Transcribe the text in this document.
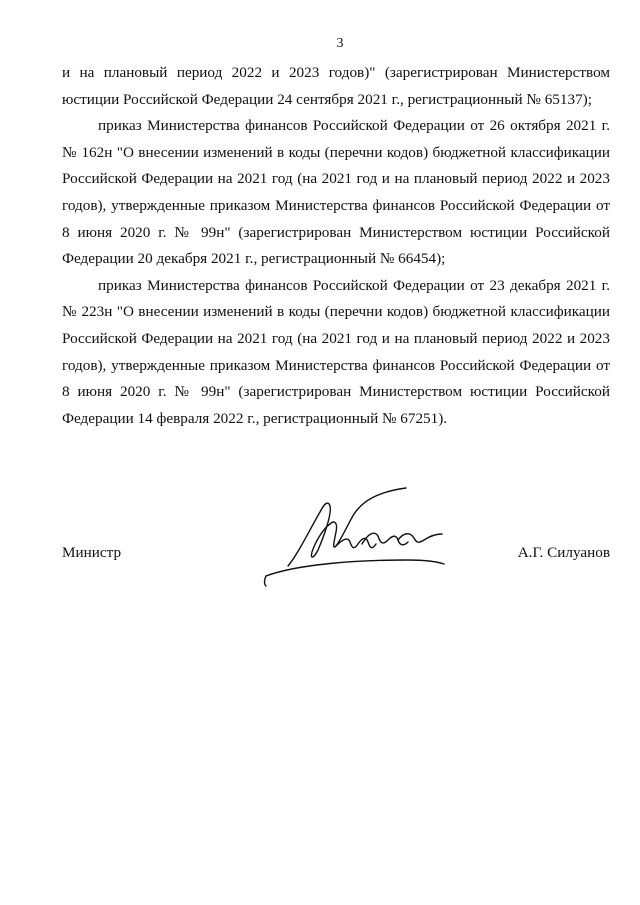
3

и на плановый период 2022 и 2023 годов)" (зарегистрирован Министерством юстиции Российской Федерации 24 сентября 2021 г., регистрационный № 65137);

приказ Министерства финансов Российской Федерации от 26 октября 2021 г. № 162н "О внесении изменений в коды (перечни кодов) бюджетной классификации Российской Федерации на 2021 год (на 2021 год и на плановый период 2022 и 2023 годов), утвержденные приказом Министерства финансов Российской Федерации от 8 июня 2020 г. № 99н" (зарегистрирован Министерством юстиции Российской Федерации 20 декабря 2021 г., регистрационный № 66454);

приказ Министерства финансов Российской Федерации от 23 декабря 2021 г. № 223н "О внесении изменений в коды (перечни кодов) бюджетной классификации Российской Федерации на 2021 год (на 2021 год и на плановый период 2022 и 2023 годов), утвержденные приказом Министерства финансов Российской Федерации от 8 июня 2020 г. № 99н" (зарегистрирован Министерством юстиции Российской Федерации 14 февраля 2022 г., регистрационный № 67251).

Министр	А.Г. Силуанов
